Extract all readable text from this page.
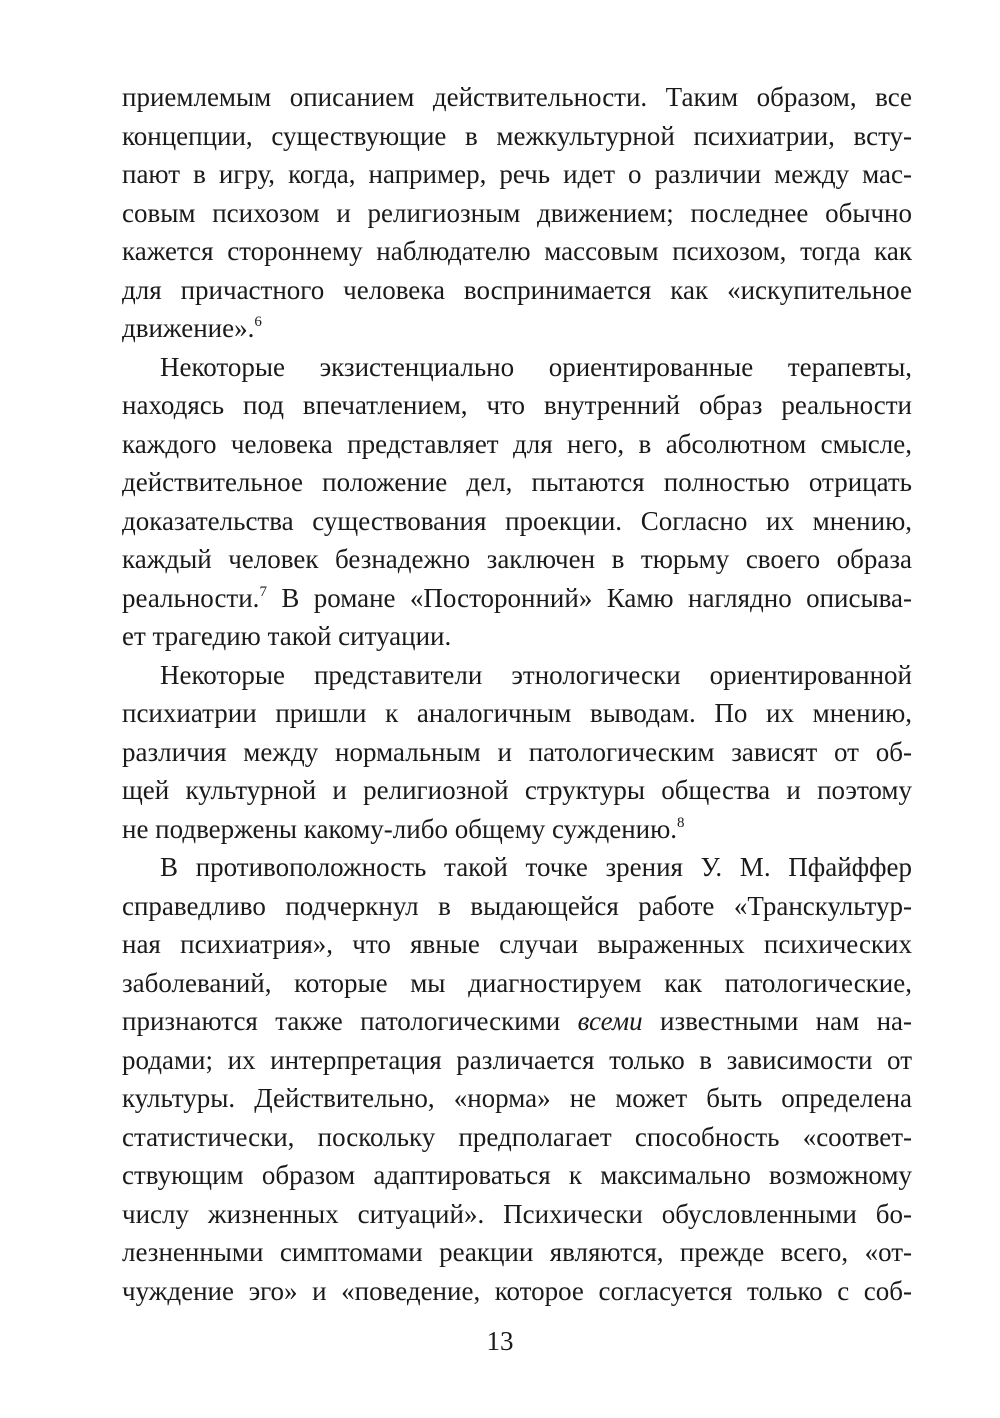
приемлемым описанием действительности. Таким образом, все
концепции, существующие в межкультурной психиатрии, всту-
пают в игру, когда, например, речь идет о различии между мас-
совым психозом и религиозным движением; последнее обычно
кажется стороннему наблюдателю массовым психозом, тогда как
для причастного человека воспринимается как «искупительное
движение».$^6$
Некоторые экзистенциально ориентированные терапевты,
находясь под впечатлением, что внутренний образ реальности
каждого человека представляет для него, в абсолютном смысле,
действительное положение дел, пытаются полностью отрицать
доказательства существования проекции. Согласно их мнению,
каждый человек безнадежно заключен в тюрьму своего образа
реальности.$^7$ В романе «Посторонний» Камю наглядно описыва-
ет трагедию такой ситуации.
Некоторые представители этнологически ориентированной
психиатрии пришли к аналогичным выводам. По их мнению,
различия между нормальным и патологическим зависят от об-
щей культурной и религиозной структуры общества и поэтому
не подвержены какому-либо общему суждению.$^8$
В противоположность такой точке зрения У. М. Пфайффер
справедливо подчеркнул в выдающейся работе «Транскультур-
ная психиатрия», что явные случаи выраженных психических
заболеваний, которые мы диагностируем как патологические,
признаются также патологическими всеми известными нам на-
родами; их интерпретация различается только в зависимости от
культуры. Действительно, «норма» не может быть определена
статистически, поскольку предполагает способность «соответ-
ствующим образом адаптироваться к максимально возможному
числу жизненных ситуаций». Психически обусловленными бо-
лезненными симптомами реакции являются, прежде всего, «от-
чуждение эго» и «поведение, которое согласуется только с соб-
13
